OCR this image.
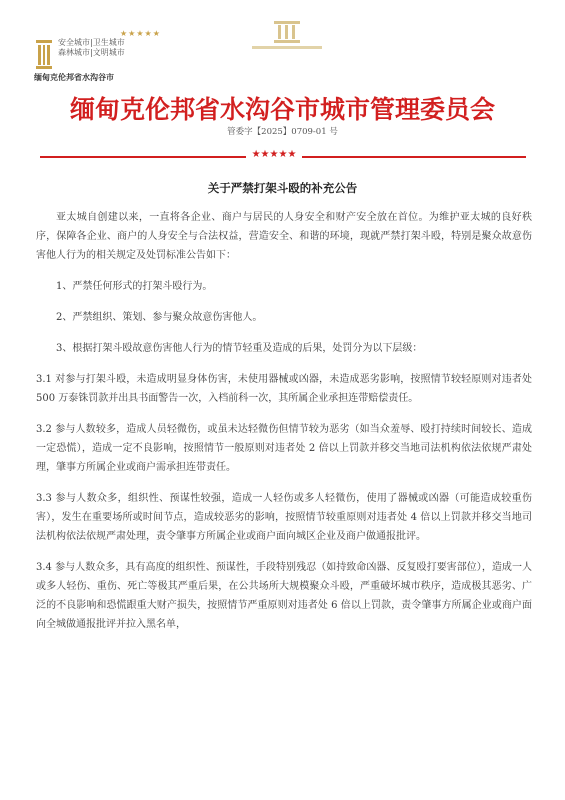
★★★★★
安全城市|卫生城市
森林城市|文明城市
缅甸克伦邦省水沟谷市
缅甸克伦邦省水沟谷市城市管理委员会
管委字【2025】0709-01 号
★★★★★
关于严禁打架斗殴的补充公告

亚太城自创建以来，一直将各企业、商户与居民的人身安全和财产安全放在首位。为维护亚太城的良好秩序，保障各企业、商户的人身安全与合法权益，营造安全、和谐的环境，现就严禁打架斗殴，特别是聚众故意伤害他人行为的相关规定及处罚标准公告如下：

1、严禁任何形式的打架斗殴行为。

2、严禁组织、策划、参与聚众故意伤害他人。

3、根据打架斗殴故意伤害他人行为的情节轻重及造成的后果，处罚分为以下层级：

3.1 对参与打架斗殴，未造成明显身体伤害，未使用器械或凶器，未造成恶劣影响，按照情节较轻原则对违者处 500 万泰铢罚款并出具书面警告一次，入档前科一次，其所属企业承担连带赔偿责任。

3.2 参与人数较多，造成人员轻微伤，或虽未达轻微伤但情节较为恶劣（如当众羞辱、殴打持续时间较长、造成一定恐慌），造成一定不良影响，按照情节一般原则对违者处 2 倍以上罚款并移交当地司法机构依法依规严肃处理，肇事方所属企业或商户需承担连带责任。

3.3 参与人数众多，组织性、预谋性较强，造成一人轻伤或多人轻微伤，使用了器械或凶器（可能造成较重伤害），发生在重要场所或时间节点，造成较恶劣的影响，按照情节较重原则对违者处 4 倍以上罚款并移交当地司法机构依法依规严肃处理，责令肇事方所属企业或商户面向城区企业及商户做通报批评。

3.4 参与人数众多，具有高度的组织性、预谋性，手段特别残忍（如持致命凶器、反复殴打要害部位），造成一人或多人轻伤、重伤、死亡等极其严重后果，在公共场所大规模聚众斗殴，严重破坏城市秩序，造成极其恶劣、广泛的不良影响和恐慌跟重大财产损失，按照情节严重原则对违者处 6 倍以上罚款，责令肇事方所属企业或商户面向全城做通报批评并拉入黑名单，
